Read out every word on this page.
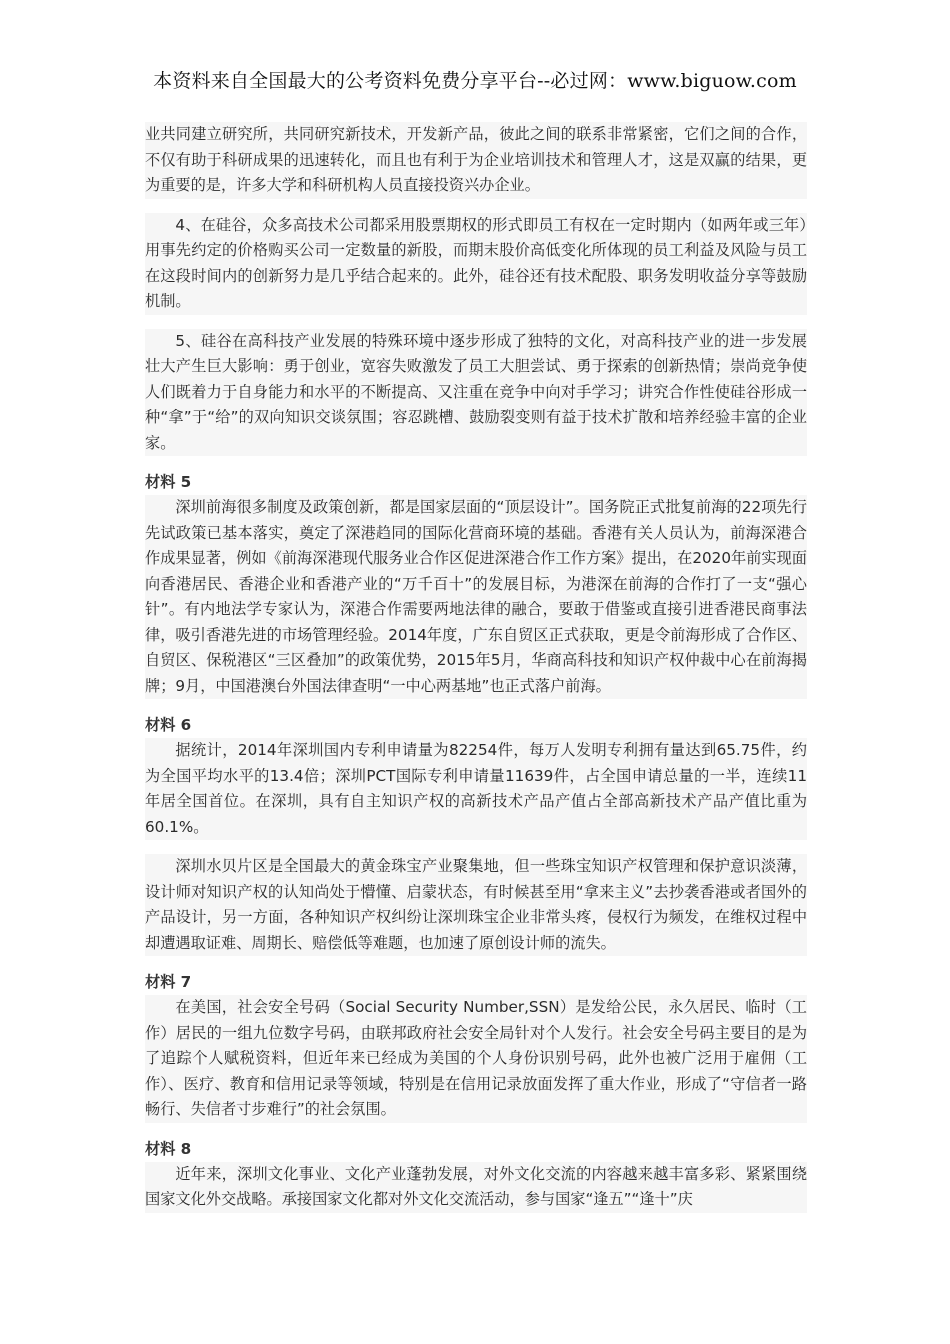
本资料来自全国最大的公考资料免费分享平台--必过网：www.biguow.com

业共同建立研究所，共同研究新技术，开发新产品，彼此之间的联系非常紧密，它们之间的合作，不仅有助于科研成果的迅速转化，而且也有利于为企业培训技术和管理人才，这是双赢的结果，更为重要的是，许多大学和科研机构人员直接投资兴办企业。

4、在硅谷，众多高技术公司都采用股票期权的形式即员工有权在一定时期内（如两年或三年）用事先约定的价格购买公司一定数量的新股，而期末股价高低变化所体现的员工利益及风险与员工在这段时间内的创新努力是几乎结合起来的。此外，硅谷还有技术配股、职务发明收益分享等鼓励机制。

5、硅谷在高科技产业发展的特殊环境中逐步形成了独特的文化，对高科技产业的进一步发展壮大产生巨大影响：勇于创业，宽容失败激发了员工大胆尝试、勇于探索的创新热情；崇尚竞争使人们既着力于自身能力和水平的不断提高、又注重在竞争中向对手学习；讲究合作性使硅谷形成一种“拿”于“给”的双向知识交谈氛围；容忍跳槽、鼓励裂变则有益于技术扩散和培养经验丰富的企业家。

材料 5

深圳前海很多制度及政策创新，都是国家层面的“顶层设计”。国务院正式批复前海的22项先行先试政策已基本落实，奠定了深港趋同的国际化营商环境的基础。香港有关人员认为，前海深港合作成果显著，例如《前海深港现代服务业合作区促进深港合作工作方案》提出，在2020年前实现面向香港居民、香港企业和香港产业的“万千百十”的发展目标，为港深在前海的合作打了一支“强心针”。有内地法学专家认为，深港合作需要两地法律的融合，要敢于借鉴或直接引进香港民商事法律，吸引香港先进的市场管理经验。2014年度，广东自贸区正式获取，更是令前海形成了合作区、自贸区、保税港区“三区叠加”的政策优势，2015年5月，华商高科技和知识产权仲裁中心在前海揭牌；9月，中国港澳台外国法律查明“一中心两基地”也正式落户前海。

材料 6

据统计，2014年深圳国内专利申请量为82254件，每万人发明专利拥有量达到65.75件，约为全国平均水平的13.4倍；深圳PCT国际专利申请量11639件，占全国申请总量的一半，连续11年居全国首位。在深圳，具有自主知识产权的高新技术产品产值占全部高新技术产品产值比重为60.1%。

深圳水贝片区是全国最大的黄金珠宝产业聚集地，但一些珠宝知识产权管理和保护意识淡薄，设计师对知识产权的认知尚处于懵懂、启蒙状态，有时候甚至用“拿来主义”去抄袭香港或者国外的产品设计，另一方面，各种知识产权纠纷让深圳珠宝企业非常头疼，侵权行为频发，在维权过程中却遭遇取证难、周期长、赔偿低等难题，也加速了原创设计师的流失。

材料 7

在美国，社会安全号码（Social Security Number,SSN）是发给公民，永久居民、临时（工作）居民的一组九位数字号码，由联邦政府社会安全局针对个人发行。社会安全号码主要目的是为了追踪个人赋税资料，但近年来已经成为美国的个人身份识别号码，此外也被广泛用于雇佣（工作）、医疗、教育和信用记录等领域，特别是在信用记录放面发挥了重大作业，形成了“守信者一路畅行、失信者寸步难行”的社会氛围。

材料 8

近年来，深圳文化事业、文化产业蓬勃发展，对外文化交流的内容越来越丰富多彩、紧紧围绕国家文化外交战略。承接国家文化都对外文化交流活动，参与国家“逢五”“逢十”庆
